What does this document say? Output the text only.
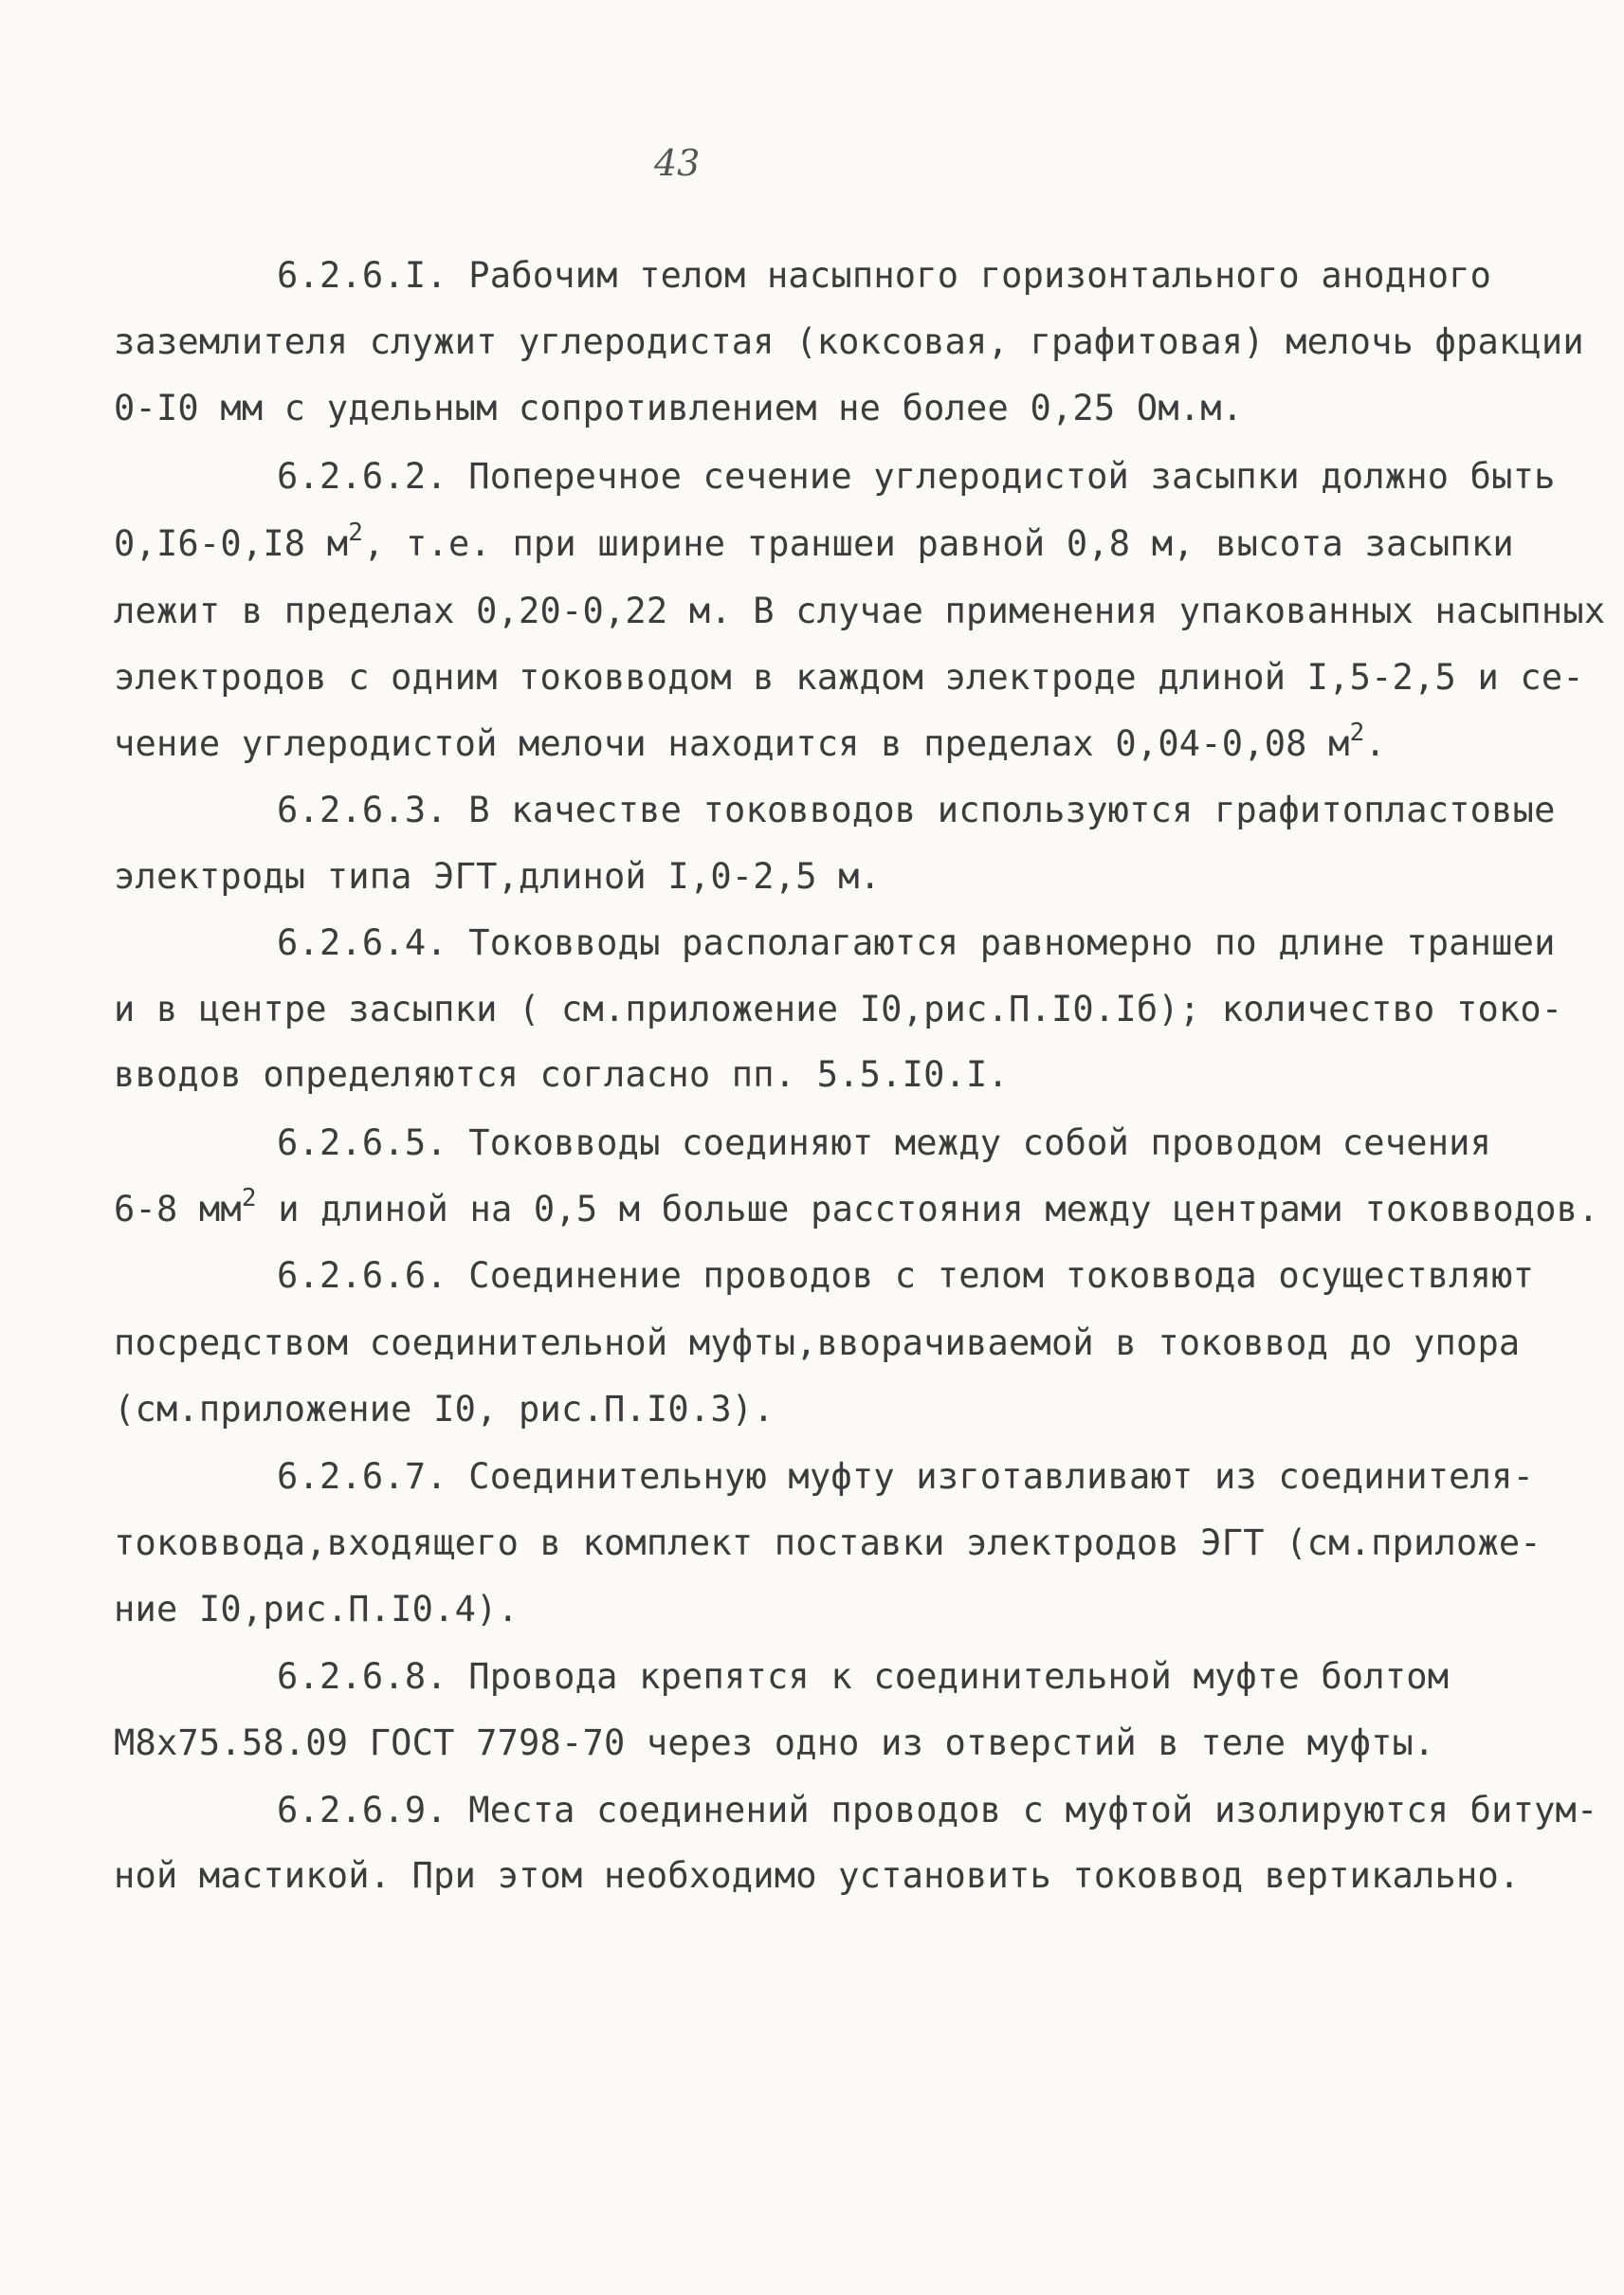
43
6.2.6.I. Рабочим телом насыпного горизонтального анодного
заземлителя служит углеродистая (коксовая, графитовая) мелочь фракции
0-I0 мм с удельным сопротивлением не более 0,25 Ом.м.
6.2.6.2. Поперечное сечение углеродистой засыпки должно быть
0,I6-0,I8 $м^2$, т.е. при ширине траншеи равной 0,8 м, высота засыпки
лежит в пределах 0,20-0,22 м. В случае применения упакованных насыпных
электродов с одним токовводом в каждом электроде длиной I,5-2,5 и се-
чение углеродистой мелочи находится в пределах 0,04-0,08 $м^2$.
6.2.6.3. В качестве токовводов используются графитопластовые
электроды типа ЭГТ,длиной I,0-2,5 м.
6.2.6.4. Токовводы располагаются равномерно по длине траншеи
и в центре засыпки ( см.приложение I0,рис.П.I0.Iб); количество токо-
вводов определяются согласно пп. 5.5.I0.I.
6.2.6.5. Токовводы соединяют между собой проводом сечения
6-8 $мм^2$ и длиной на 0,5 м больше расстояния между центрами токовводов.
6.2.6.6. Соединение проводов с телом токоввода осуществляют
посредством соединительной муфты,вворачиваемой в токоввод до упора
(см.приложение I0, рис.П.I0.3).
6.2.6.7. Соединительную муфту изготавливают из соединителя-
токоввода,входящего в комплект поставки электродов ЭГТ (см.приложе-
ние I0,рис.П.I0.4).
6.2.6.8. Провода крепятся к соединительной муфте болтом
М8х75.58.09 ГОСТ 7798-70 через одно из отверстий в теле муфты.
6.2.6.9. Места соединений проводов с муфтой изолируются битум-
ной мастикой. При этом необходимо установить токоввод вертикально.
